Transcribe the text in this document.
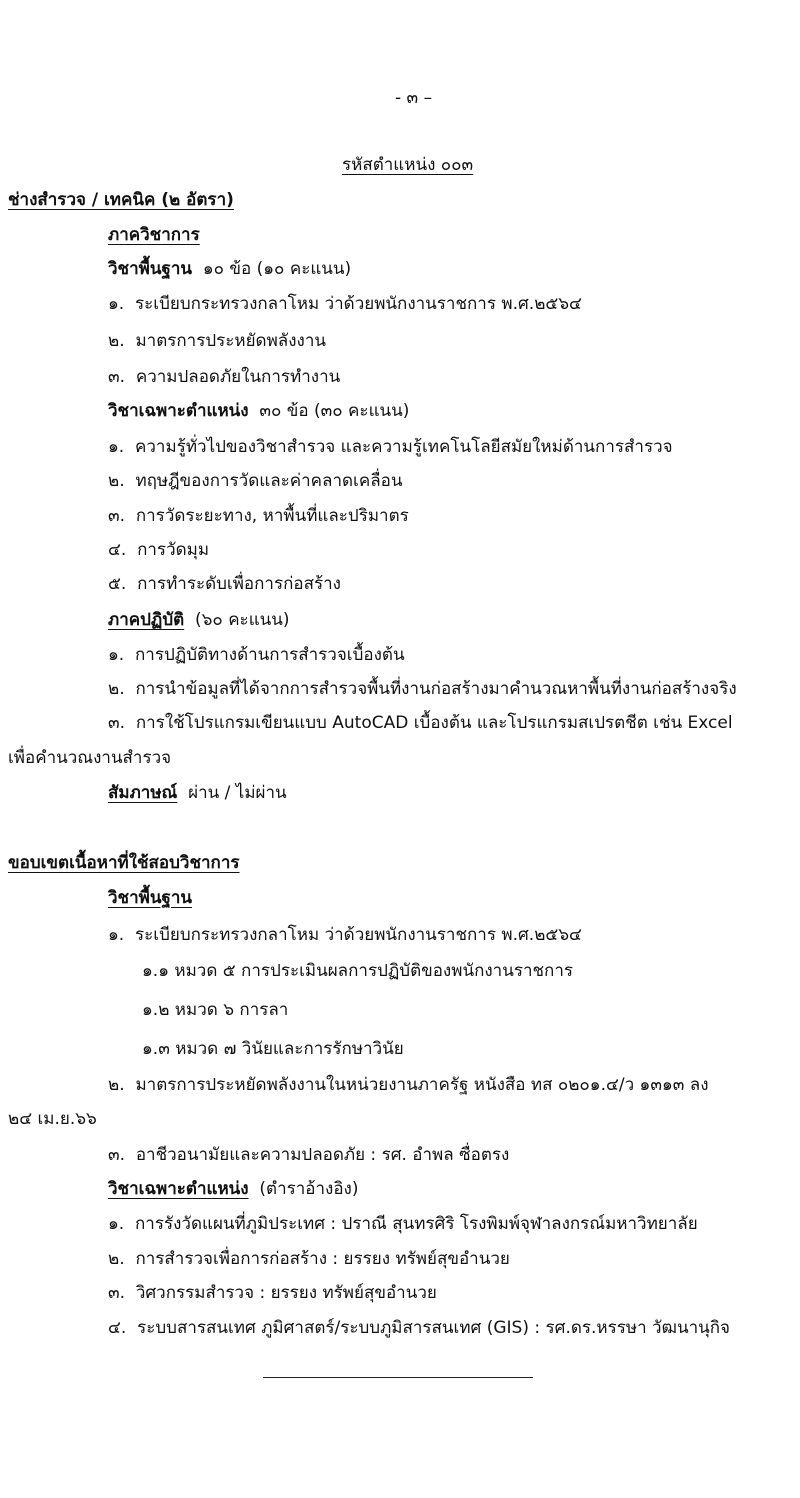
- ๓ –
รหัสตำแหน่ง ๐๐๓
ช่างสำรวจ / เทคนิค (๒ อัตรา)
ภาควิชาการ
วิชาพื้นฐาน ๑๐ ข้อ (๑๐ คะแนน)
๑. ระเบียบกระทรวงกลาโหม ว่าด้วยพนักงานราชการ พ.ศ.๒๕๖๔
๒. มาตรการประหยัดพลังงาน
๓. ความปลอดภัยในการทำงาน
วิชาเฉพาะตำแหน่ง ๓๐ ข้อ (๓๐ คะแนน)
๑. ความรู้ทั่วไปของวิชาสำรวจ และความรู้เทคโนโลยีสมัยใหม่ด้านการสำรวจ
๒. ทฤษฎีของการวัดและค่าคลาดเคลื่อน
๓. การวัดระยะทาง, หาพื้นที่และปริมาตร
๔. การวัดมุม
๕. การทำระดับเพื่อการก่อสร้าง
ภาคปฏิบัติ (๖๐ คะแนน)
๑. การปฏิบัติทางด้านการสำรวจเบื้องต้น
๒. การนำข้อมูลที่ได้จากการสำรวจพื้นที่งานก่อสร้างมาคำนวณหาพื้นที่งานก่อสร้างจริง
๓. การใช้โปรแกรมเขียนแบบ AutoCAD เบื้องต้น และโปรแกรมสเปรตชีต เช่น Excel
เพื่อคำนวณงานสำรวจ
สัมภาษณ์ ผ่าน / ไม่ผ่าน
ขอบเขตเนื้อหาที่ใช้สอบวิชาการ
วิชาพื้นฐาน
๑. ระเบียบกระทรวงกลาโหม ว่าด้วยพนักงานราชการ พ.ศ.๒๕๖๔
๑.๑ หมวด ๕ การประเมินผลการปฏิบัติของพนักงานราชการ
๑.๒ หมวด ๖ การลา
๑.๓ หมวด ๗ วินัยและการรักษาวินัย
๒. มาตรการประหยัดพลังงานในหน่วยงานภาครัฐ หนังสือ ทส ๐๒๐๑.๔/ว ๑๓๑๓ ลง
๒๔ เม.ย.๖๖
๓. อาชีวอนามัยและความปลอดภัย : รศ. อำพล ซื่อตรง
วิชาเฉพาะตำแหน่ง (ตำราอ้างอิง)
๑. การรังวัดแผนที่ภูมิประเทศ : ปราณี สุนทรศิริ โรงพิมพ์จุฬาลงกรณ์มหาวิทยาลัย
๒. การสำรวจเพื่อการก่อสร้าง : ยรรยง ทรัพย์สุขอำนวย
๓. วิศวกรรมสำรวจ : ยรรยง ทรัพย์สุขอำนวย
๔. ระบบสารสนเทศ ภูมิศาสตร์/ระบบภูมิสารสนเทศ (GIS) : รศ.ดร.หรรษา วัฒนานุกิจ
